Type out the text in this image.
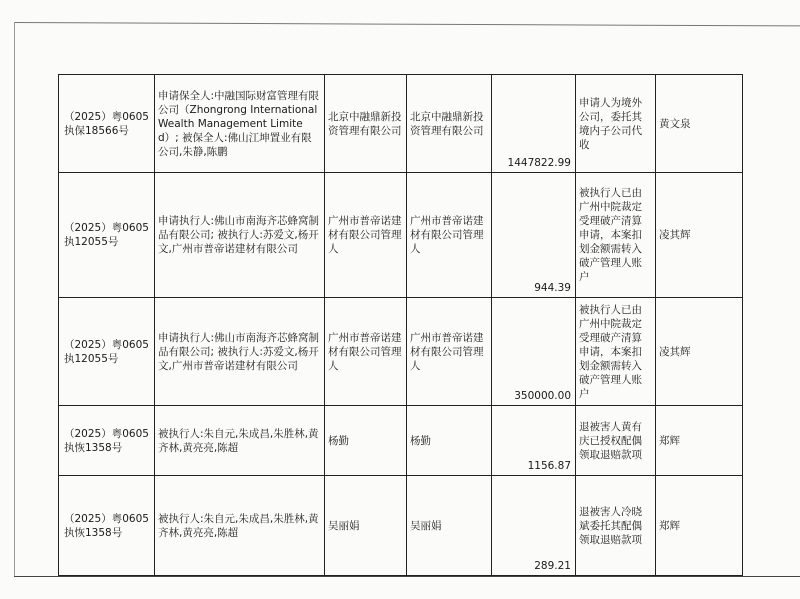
（2025）粤0605执保18566号	申请保全人:中融国际财富管理有限公司（Zhongrong International Wealth Management Limited）; 被保全人:佛山江坤置业有限公司,朱静,陈鹏	北京中融鼎新投资管理有限公司	北京中融鼎新投资管理有限公司	1447822.99	申请人为境外公司，委托其境内子公司代收	黄文泉
（2025）粤0605执12055号	申请执行人:佛山市南海齐芯蜂窝制品有限公司; 被执行人:苏爱文,杨开文,广州市普帝诺建材有限公司	广州市普帝诺建材有限公司管理人	广州市普帝诺建材有限公司管理人	944.39	被执行人已由广州中院裁定受理破产清算申请，本案扣划金额需转入破产管理人账户	凌其辉
（2025）粤0605执12055号	申请执行人:佛山市南海齐芯蜂窝制品有限公司; 被执行人:苏爱文,杨开文,广州市普帝诺建材有限公司	广州市普帝诺建材有限公司管理人	广州市普帝诺建材有限公司管理人	350000.00	被执行人已由广州中院裁定受理破产清算申请，本案扣划金额需转入破产管理人账户	凌其辉
（2025）粤0605执恢1358号	被执行人:朱自元,朱成昌,朱胜林,黄齐林,黄亮亮,陈超	杨勤	杨勤	1156.87	退被害人黄有庆已授权配偶领取退赔款项	郑辉
（2025）粤0605执恢1358号	被执行人:朱自元,朱成昌,朱胜林,黄齐林,黄亮亮,陈超	吴丽娟	吴丽娟	289.21	退被害人冷晓斌委托其配偶领取退赔款项	郑辉
